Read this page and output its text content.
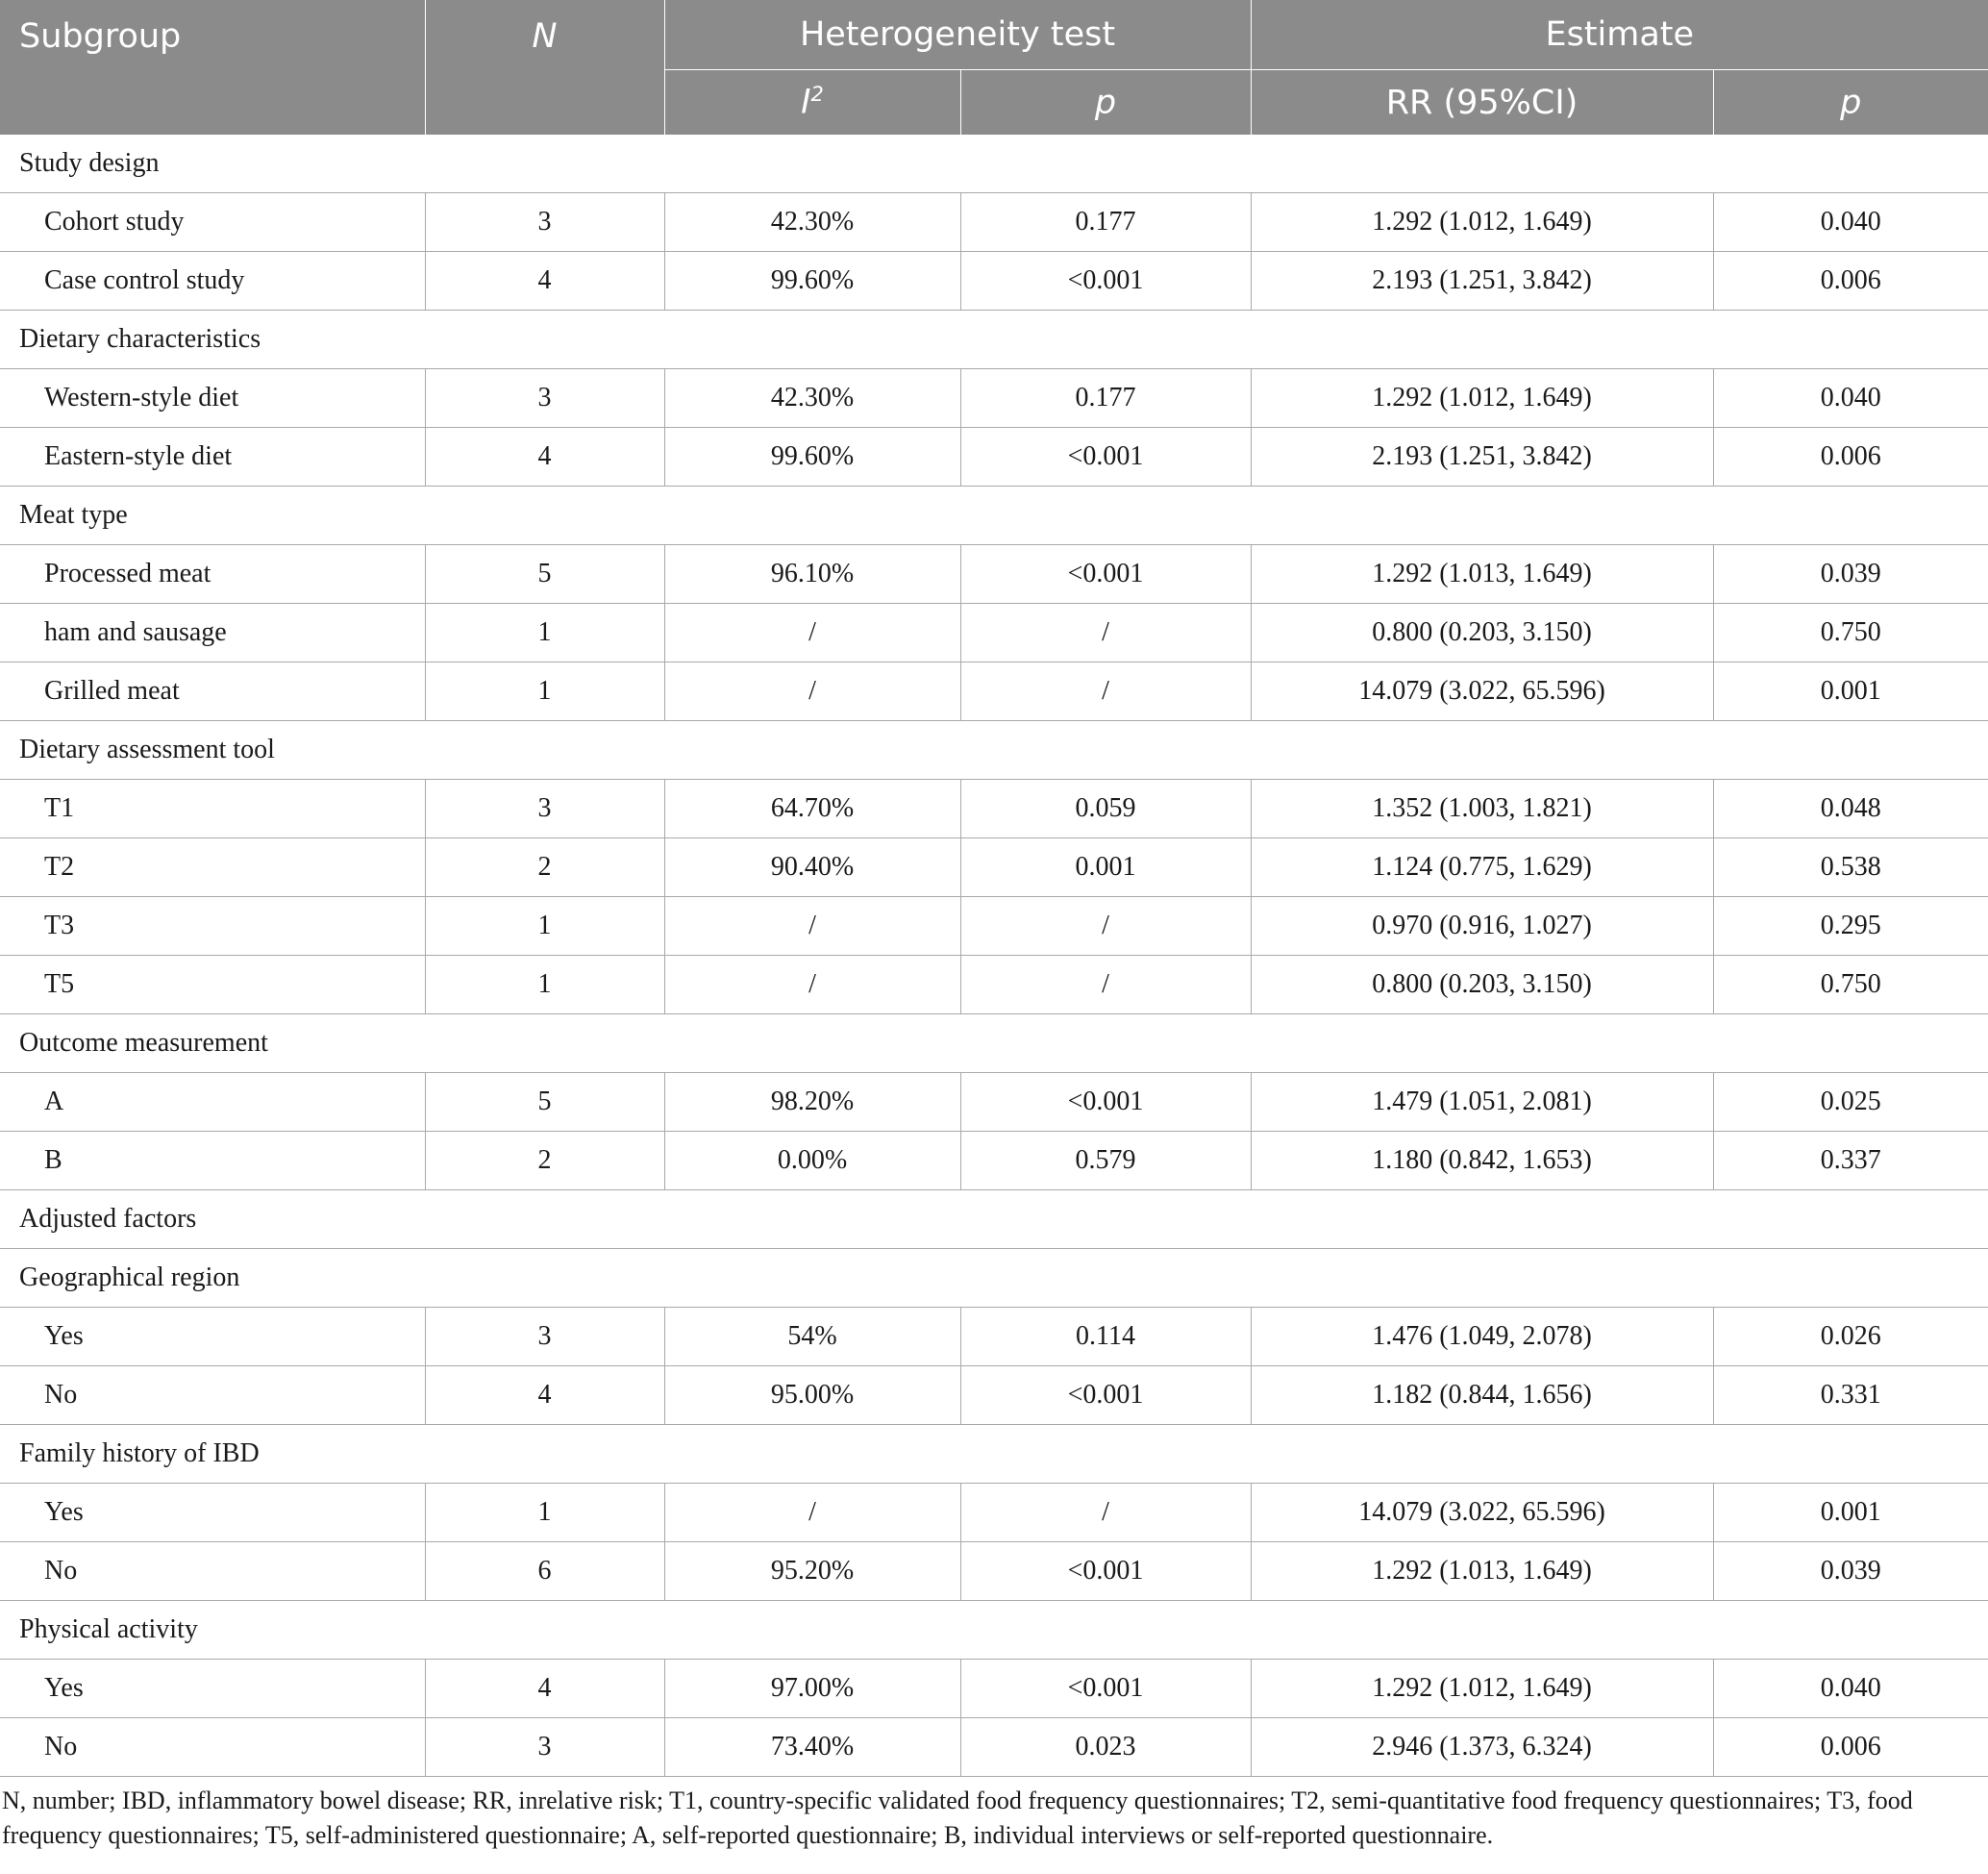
Subgroup	N	Heterogeneity test		Estimate	
		$I^2$	p	RR (95%CI)	p
Study design					
Cohort study	3	42.30%	0.177	1.292 (1.012, 1.649)	0.040
Case control study	4	99.60%	<0.001	2.193 (1.251, 3.842)	0.006
Dietary characteristics					
Western-style diet	3	42.30%	0.177	1.292 (1.012, 1.649)	0.040
Eastern-style diet	4	99.60%	<0.001	2.193 (1.251, 3.842)	0.006
Meat type					
Processed meat	5	96.10%	<0.001	1.292 (1.013, 1.649)	0.039
ham and sausage	1	/	/	0.800 (0.203, 3.150)	0.750
Grilled meat	1	/	/	14.079 (3.022, 65.596)	0.001
Dietary assessment tool					
T1	3	64.70%	0.059	1.352 (1.003, 1.821)	0.048
T2	2	90.40%	0.001	1.124 (0.775, 1.629)	0.538
T3	1	/	/	0.970 (0.916, 1.027)	0.295
T5	1	/	/	0.800 (0.203, 3.150)	0.750
Outcome measurement					
A	5	98.20%	<0.001	1.479 (1.051, 2.081)	0.025
B	2	0.00%	0.579	1.180 (0.842, 1.653)	0.337
Adjusted factors					
Geographical region					
Yes	3	54%	0.114	1.476 (1.049, 2.078)	0.026
No	4	95.00%	<0.001	1.182 (0.844, 1.656)	0.331
Family history of IBD					
Yes	1	/	/	14.079 (3.022, 65.596)	0.001
No	6	95.20%	<0.001	1.292 (1.013, 1.649)	0.039
Physical activity					
Yes	4	97.00%	<0.001	1.292 (1.012, 1.649)	0.040
No	3	73.40%	0.023	2.946 (1.373, 6.324)	0.006
N, number; IBD, inflammatory bowel disease; RR, inrelative risk; T1, country-specific validated food frequency questionnaires; T2, semi-quantitative food frequency questionnaires; T3, food frequency questionnaires; T5, self-administered questionnaire; A, self-reported questionnaire; B, individual interviews or self-reported questionnaire.
